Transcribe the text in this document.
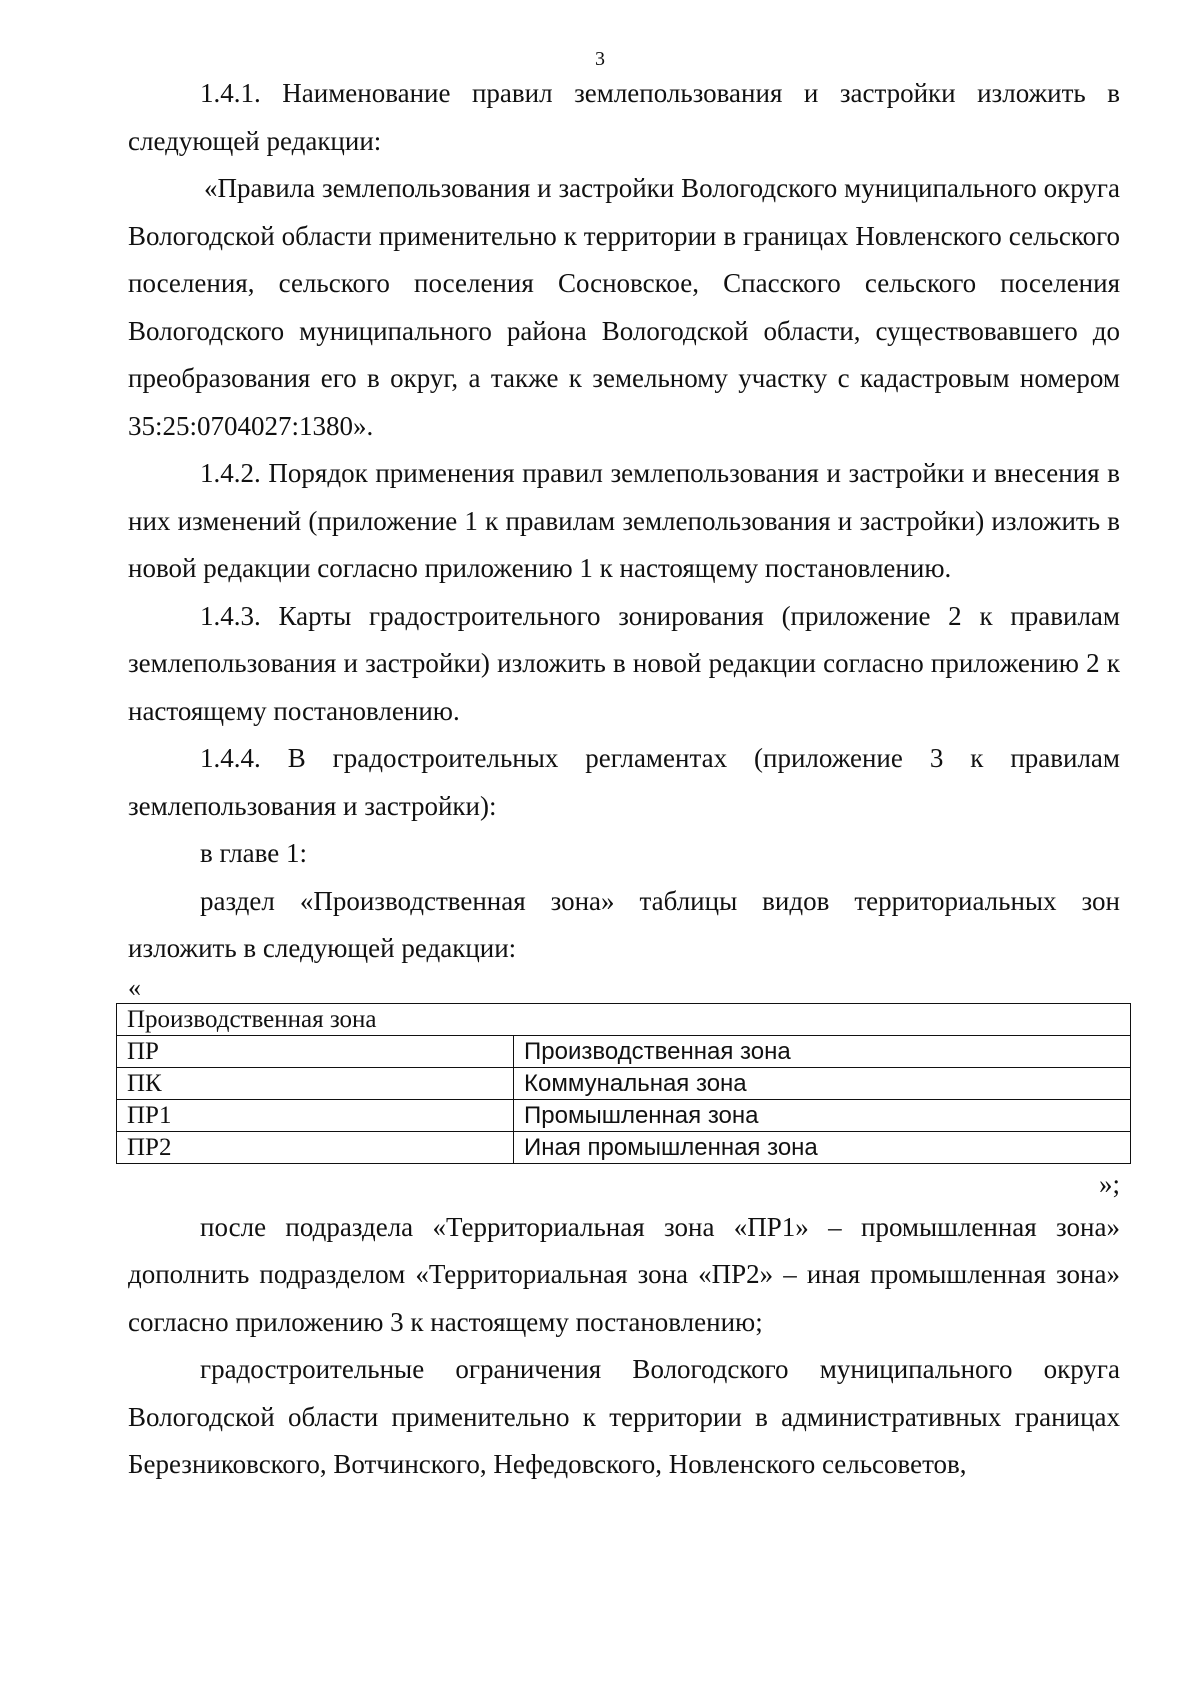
3

1.4.1. Наименование правил землепользования и застройки изложить в следующей редакции:

«Правила землепользования и застройки Вологодского муниципального округа Вологодской области применительно к территории в границах Новленского сельского поселения, сельского поселения Сосновское, Спасского сельского поселения Вологодского муниципального района Вологодской области, существовавшего до преобразования его в округ, а также к земельному участку с кадастровым номером 35:25:0704027:1380».

1.4.2. Порядок применения правил землепользования и застройки и внесения в них изменений (приложение 1 к правилам землепользования и застройки) изложить в новой редакции согласно приложению 1 к настоящему постановлению.

1.4.3. Карты градостроительного зонирования (приложение 2 к правилам землепользования и застройки) изложить в новой редакции согласно приложению 2 к настоящему постановлению.

1.4.4. В градостроительных регламентах (приложение 3 к правилам землепользования и застройки):

в главе 1:

раздел «Производственная зона» таблицы видов территориальных зон изложить в следующей редакции:

«

Производственная зона	
ПР	Производственная зона
ПК	Коммунальная зона
ПР1	Промышленная зона
ПР2	Иная промышленная зона

»;

после подраздела «Территориальная зона «ПР1» – промышленная зона» дополнить подразделом «Территориальная зона «ПР2» – иная промышленная зона» согласно приложению 3 к настоящему постановлению;

градостроительные ограничения Вологодского муниципального округа Вологодской области применительно к территории в административных границах Березниковского, Вотчинского, Нефедовского, Новленского сельсоветов,
